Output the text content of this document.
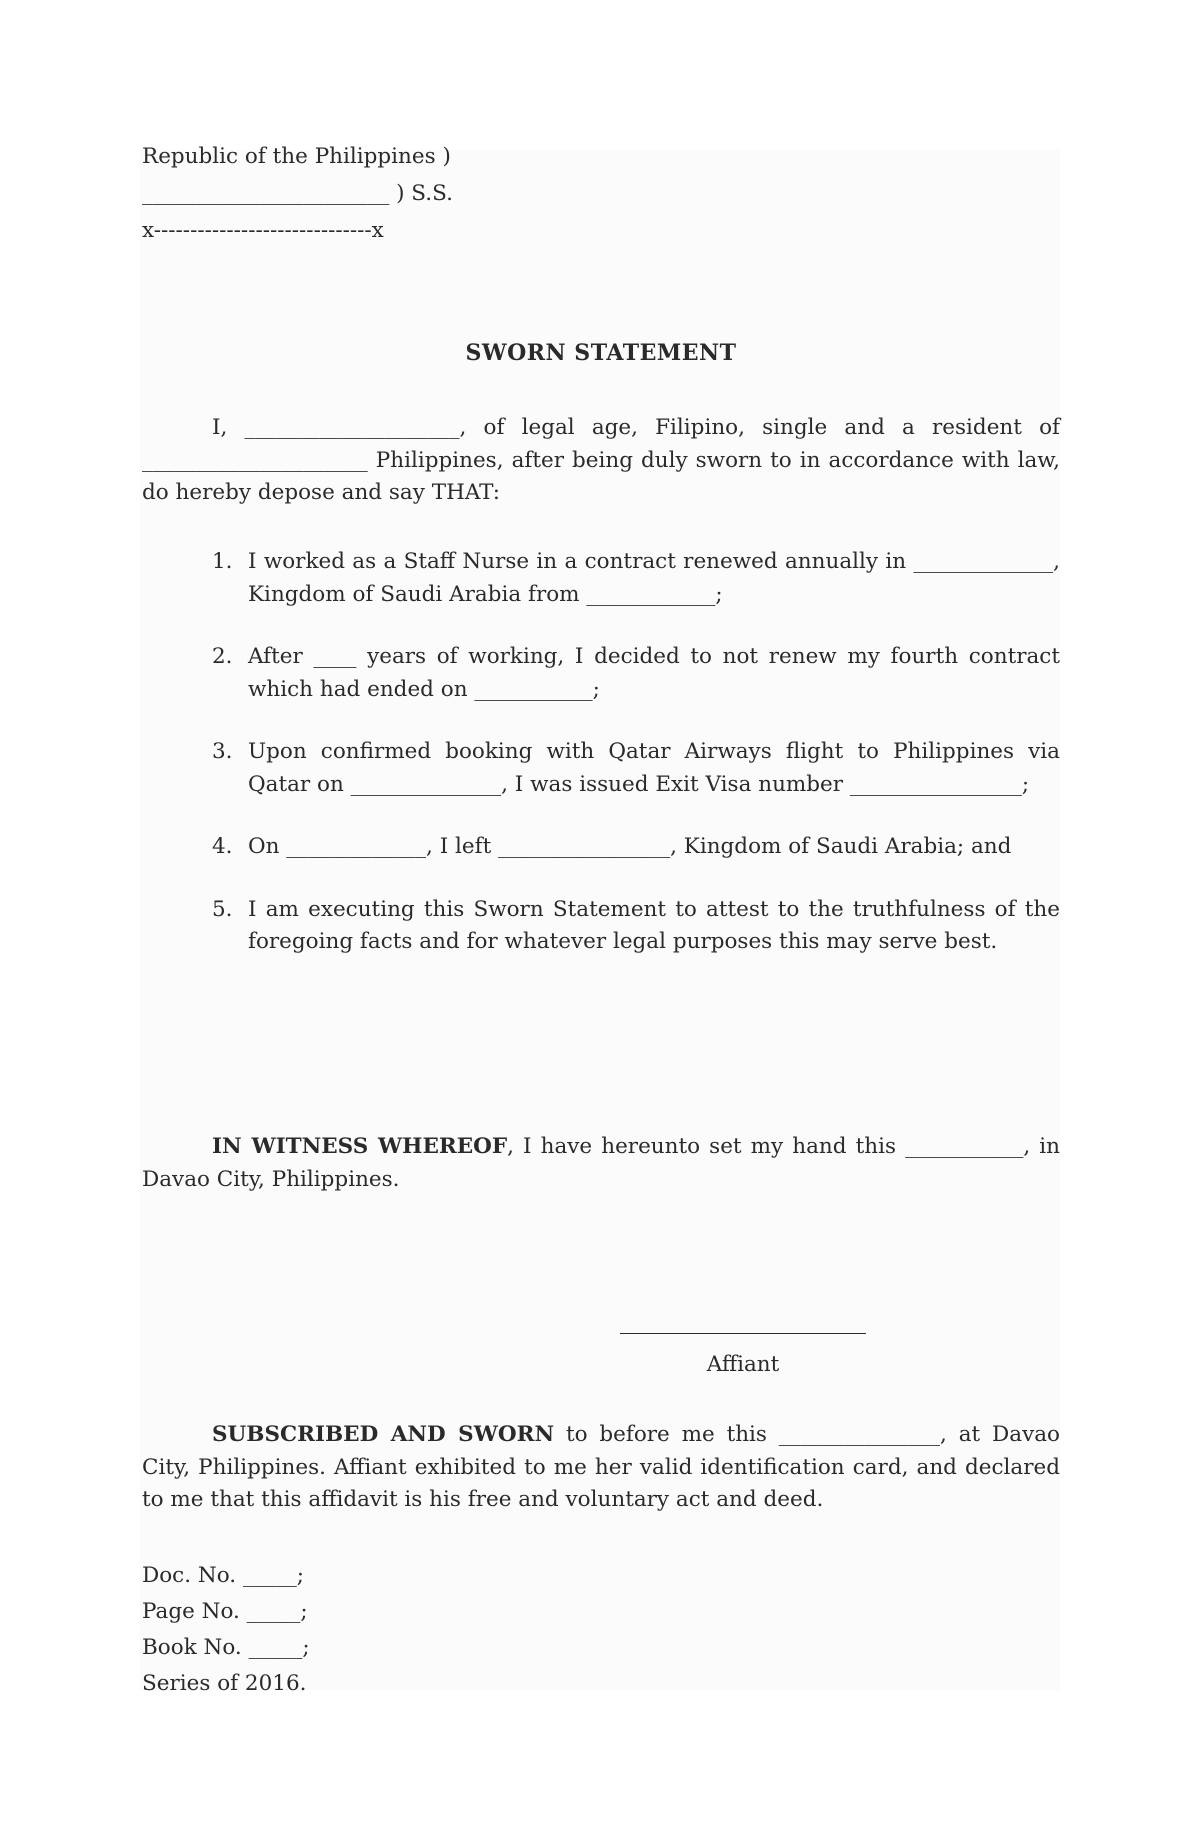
Republic of the Philippines )
_______________________ ) S.S.
x------------------------------x
SWORN STATEMENT
I, ____________________, of legal age, Filipino, single and a resident of _____________________ Philippines, after being duly sworn to in accordance with law, do hereby depose and say THAT:
1. I worked as a Staff Nurse in a contract renewed annually in _____________, Kingdom of Saudi Arabia from ____________;
2. After ____ years of working, I decided to not renew my fourth contract which had ended on ___________;
3. Upon confirmed booking with Qatar Airways flight to Philippines via Qatar on ______________, I was issued Exit Visa number ________________;
4. On _____________, I left ________________, Kingdom of Saudi Arabia; and
5. I am executing this Sworn Statement to attest to the truthfulness of the foregoing facts and for whatever legal purposes this may serve best.
IN WITNESS WHEREOF, I have hereunto set my hand this ___________, in Davao City, Philippines.
Affiant
SUBSCRIBED AND SWORN to before me this _______________, at Davao City, Philippines. Affiant exhibited to me her valid identification card, and declared to me that this affidavit is his free and voluntary act and deed.
Doc. No. _____;
Page No. _____;
Book No. _____;
Series of 2016.
